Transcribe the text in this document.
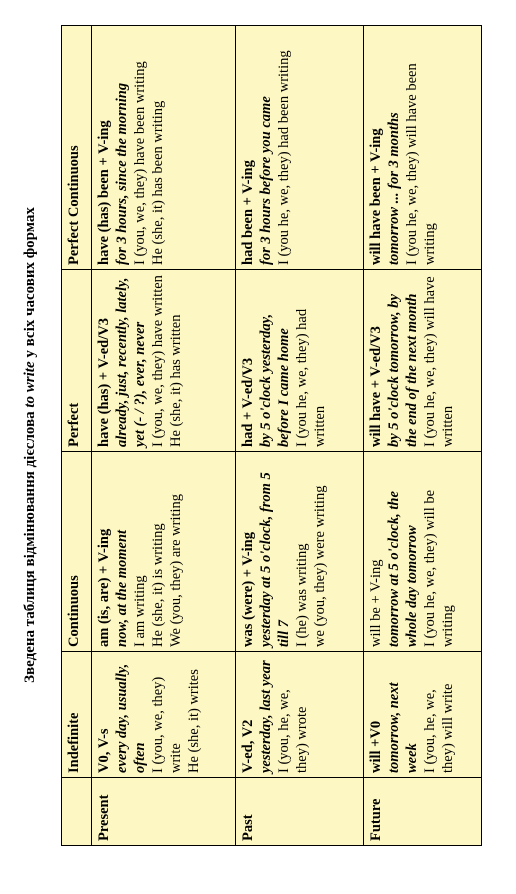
Зведена таблиця відмінювання дієслова to write у всіх часових формах
	Indefinite	Continuous	Perfect	Perfect Continuous
Present	V0, V-s every day, usually, often I (you, we, they) write He (she, it) writes	am (is, are) + V-ing now, at the moment I am writing He (she, it) is writing We (you, they) are writing	have (has) + V-ed/V3 already, just, recently, lately, yet (- / ?), ever, never I (you, we, they) have written He (she, it) has written	have (has) been + V-ing for 3 hours, since the morning I (you, we, they) have been writing He (she, it) has been writing

Past	V-ed, V2 yesterday, last year I (you, he, we, they) wrote	was (were) + V-ing yesterday at 5 o'clock, from 5 till 7 I (he) was writing we (you, they) were writing	had + V-ed/V3 by 5 o'clock yesterday, before I came home I (you he, we, they) had written	had been + V-ing for 3 hours before you came I (you he, we, they) had been writing

Future	will +V0 tomorrow, next week I (you, he, we, they) will write	will be + V-ing tomorrow at 5 o'clock, the whole day tomorrow I (you he, we, they) will be writing	will have + V-ed/V3 by 5 o'clock tomorrow, by the end of the next month I (you he, we, they) will have written	will have been + V-ing tomorrow ... for 3 months I (you he, we, they) will have been writing
